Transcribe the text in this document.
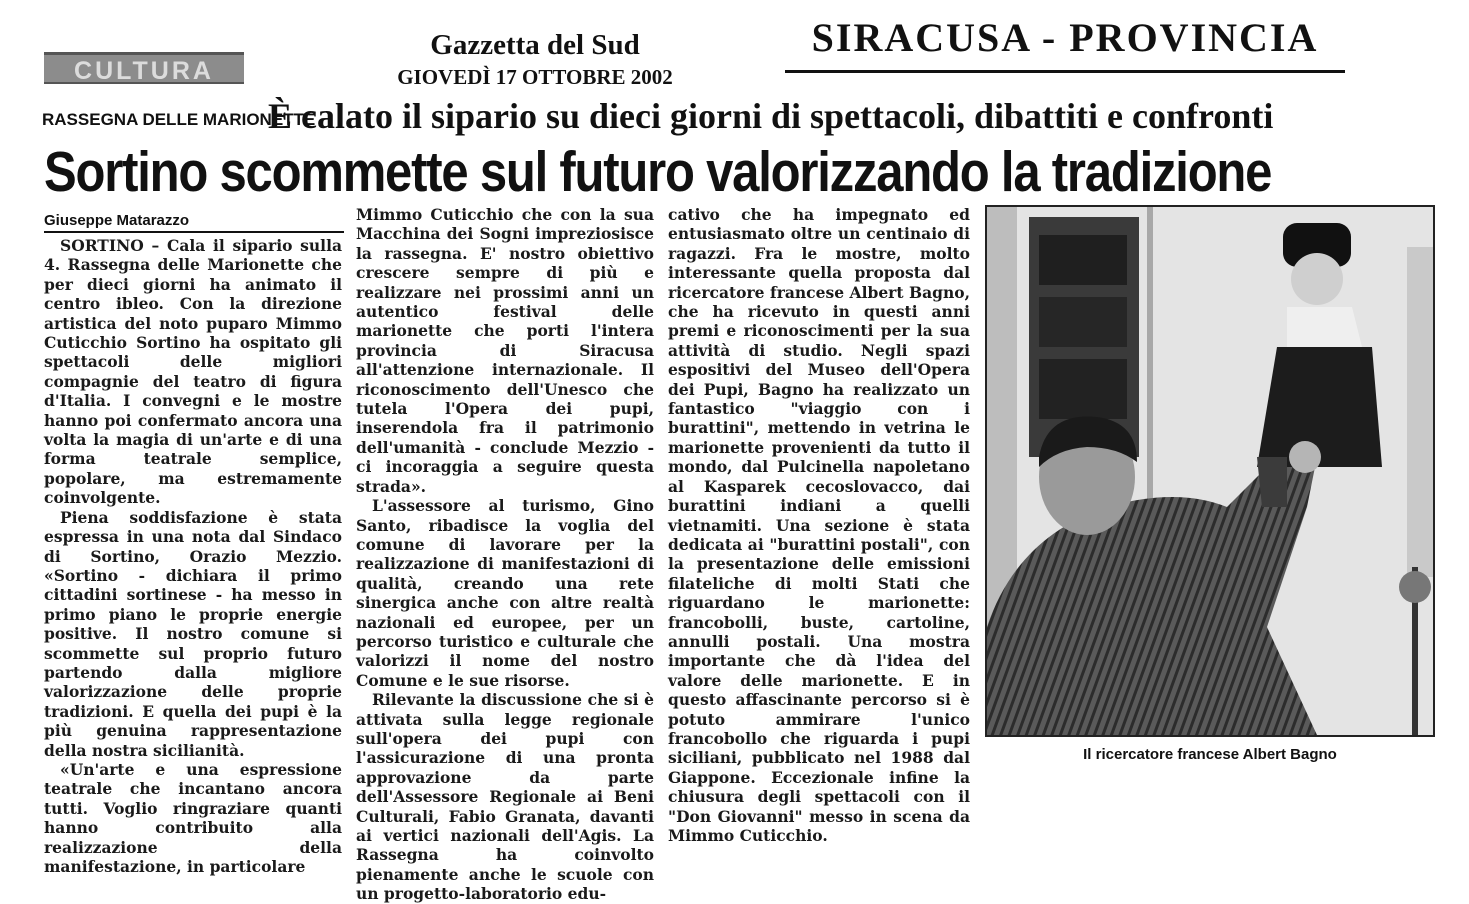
CULTURA
Gazzetta del Sud
GIOVEDÌ 17 OTTOBRE 2002
SIRACUSA - PROVINCIA
RASSEGNA DELLE MARIONETTE
È calato il sipario su dieci giorni di spettacoli, dibattiti e confronti
Sortino scommette sul futuro valorizzando la tradizione
Giuseppe Matarazzo

SORTINO – Cala il sipario sulla 4. Rassegna delle Marionette che per dieci giorni ha animato il centro ibleo. Con la direzione artistica del noto puparo Mimmo Cuticchio Sortino ha ospitato gli spettacoli delle migliori compagnie del teatro di figura d'Italia. I convegni e le mostre hanno poi confermato ancora una volta la magia di un'arte e di una forma teatrale semplice, popolare, ma estremamente coinvolgente.

Piena soddisfazione è stata espressa in una nota dal Sindaco di Sortino, Orazio Mezzio. «Sortino - dichiara il primo cittadini sortinese - ha messo in primo piano le proprie energie positive. Il nostro comune si scommette sul proprio futuro partendo dalla migliore valorizzazione delle proprie tradizioni. E quella dei pupi è la più genuina rappresentazione della nostra sicilianità.

«Un'arte e una espressione teatrale che incantano ancora tutti. Voglio ringraziare quanti hanno contribuito alla realizzazione della manifestazione, in particolare

Mimmo Cuticchio che con la sua Macchina dei Sogni impreziosisce la rassegna. E' nostro obiettivo crescere sempre di più e realizzare nei prossimi anni un autentico festival delle marionette che porti l'intera provincia di Siracusa all'attenzione internazionale. Il riconoscimento dell'Unesco che tutela l'Opera dei pupi, inserendola fra il patrimonio dell'umanità - conclude Mezzio - ci incoraggia a seguire questa strada».

L'assessore al turismo, Gino Santo, ribadisce la voglia del comune di lavorare per la realizzazione di manifestazioni di qualità, creando una rete sinergica anche con altre realtà nazionali ed europee, per un percorso turistico e culturale che valorizzi il nome del nostro Comune e le sue risorse.

Rilevante la discussione che si è attivata sulla legge regionale sull'opera dei pupi con l'assicurazione di una pronta approvazione da parte dell'Assessore Regionale ai Beni Culturali, Fabio Granata, davanti ai vertici nazionali dell'Agis. La Rassegna ha coinvolto pienamente anche le scuole con un progetto-laboratorio edu-

cativo che ha impegnato ed entusiasmato oltre un centinaio di ragazzi. Fra le mostre, molto interessante quella proposta dal ricercatore francese Albert Bagno, che ha ricevuto in questi anni premi e riconoscimenti per la sua attività di studio. Negli spazi espositivi del Museo dell'Opera dei Pupi, Bagno ha realizzato un fantastico "viaggio con i burattini", mettendo in vetrina le marionette provenienti da tutto il mondo, dal Pulcinella napoletano al Kasparek cecoslovacco, dai burattini indiani a quelli vietnamiti. Una sezione è stata dedicata ai "burattini postali", con la presentazione delle emissioni filateliche di molti Stati che riguardano le marionette: francobolli, buste, cartoline, annulli postali. Una mostra importante che dà l'idea del valore delle marionette. E in questo affascinante percorso si è potuto ammirare l'unico francobollo che riguarda i pupi siciliani, pubblicato nel 1988 dal Giappone. Eccezionale infine la chiusura degli spettacoli con il "Don Giovanni" messo in scena da Mimmo Cuticchio.

Il ricercatore francese Albert Bagno
